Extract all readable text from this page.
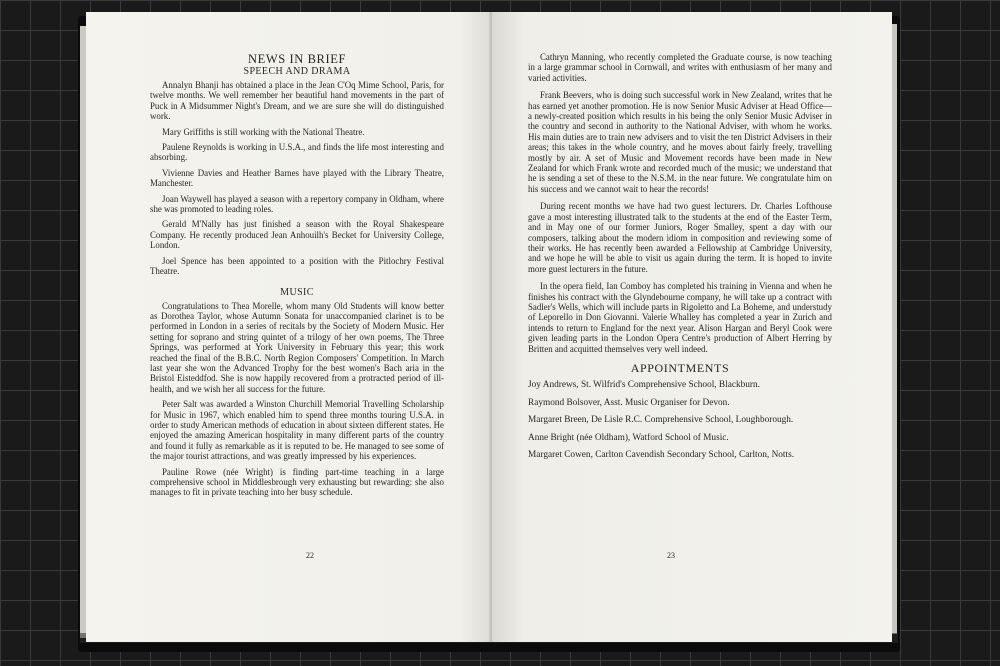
NEWS IN BRIEF
SPEECH AND DRAMA

Annalyn Bhanji has obtained a place in the Jean C'Oq Mime School, Paris, for twelve months. We well remember her beautiful hand movements in the part of Puck in A Midsummer Night's Dream, and we are sure she will do distinguished work.

Mary Griffiths is still working with the National Theatre.

Paulene Reynolds is working in U.S.A., and finds the life most interesting and absorbing.

Vivienne Davies and Heather Barnes have played with the Library Theatre, Manchester.

Joan Waywell has played a season with a repertory company in Oldham, where she was promoted to leading roles.

Gerald M'Nally has just finished a season with the Royal Shakespeare Company. He recently produced Jean Anhouilh's Becket for University College, London.

Joel Spence has been appointed to a position with the Pitlochry Festival Theatre.

MUSIC

Congratulations to Thea Morelle, whom many Old Students will know better as Dorothea Taylor, whose Autumn Sonata for unaccompanied clarinet is to be performed in London in a series of recitals by the Society of Modern Music. Her setting for soprano and string quintet of a trilogy of her own poems, The Three Springs, was performed at York University in February this year; this work reached the final of the B.B.C. North Region Composers' Competition. In March last year she won the Advanced Trophy for the best women's Bach aria in the Bristol Eisteddfod. She is now happily recovered from a protracted period of ill-health, and we wish her all success for the future.

Peter Salt was awarded a Winston Churchill Memorial Travelling Scholarship for Music in 1967, which enabled him to spend three months touring U.S.A. in order to study American methods of education in about sixteen different states. He enjoyed the amazing American hospitality in many different parts of the country and found it fully as remarkable as it is reputed to be. He managed to see some of the major tourist attractions, and was greatly impressed by his experiences.

Pauline Rowe (née Wright) is finding part-time teaching in a large comprehensive school in Middlesbrough very exhausting but rewarding: she also manages to fit in private teaching into her busy schedule.

22

Cathryn Manning, who recently completed the Graduate course, is now teaching in a large grammar school in Cornwall, and writes with enthusiasm of her many and varied activities.

Frank Beevers, who is doing such successful work in New Zealand, writes that he has earned yet another promotion. He is now Senior Music Adviser at Head Office—a newly-created position which results in his being the only Senior Music Adviser in the country and second in authority to the National Adviser, with whom he works. His main duties are to train new advisers and to visit the ten District Advisers in their areas; this takes in the whole country, and he moves about fairly freely, travelling mostly by air. A set of Music and Movement records have been made in New Zealand for which Frank wrote and recorded much of the music; we understand that he is sending a set of these to the N.S.M. in the near future. We congratulate him on his success and we cannot wait to hear the records!

During recent months we have had two guest lecturers. Dr. Charles Lofthouse gave a most interesting illustrated talk to the students at the end of the Easter Term, and in May one of our former Juniors, Roger Smalley, spent a day with our composers, talking about the modern idiom in composition and reviewing some of their works. He has recently been awarded a Fellowship at Cambridge University, and we hope he will be able to visit us again during the term. It is hoped to invite more guest lecturers in the future.

In the opera field, Ian Comboy has completed his training in Vienna and when he finishes his contract with the Glyndebourne company, he will take up a contract with Sadler's Wells, which will include parts in Rigoletto and La Boheme, and understudy of Leporello in Don Giovanni. Valerie Whalley has completed a year in Zurich and intends to return to England for the next year. Alison Hargan and Beryl Cook were given leading parts in the London Opera Centre's production of Albert Herring by Britten and acquitted themselves very well indeed.

APPOINTMENTS

Joy Andrews, St. Wilfrid's Comprehensive School, Blackburn.

Raymond Bolsover, Asst. Music Organiser for Devon.

Margaret Breen, De Lisle R.C. Comprehensive School, Loughborough.

Anne Bright (née Oldham), Watford School of Music.

Margaret Cowen, Carlton Cavendish Secondary School, Carlton, Notts.

23
